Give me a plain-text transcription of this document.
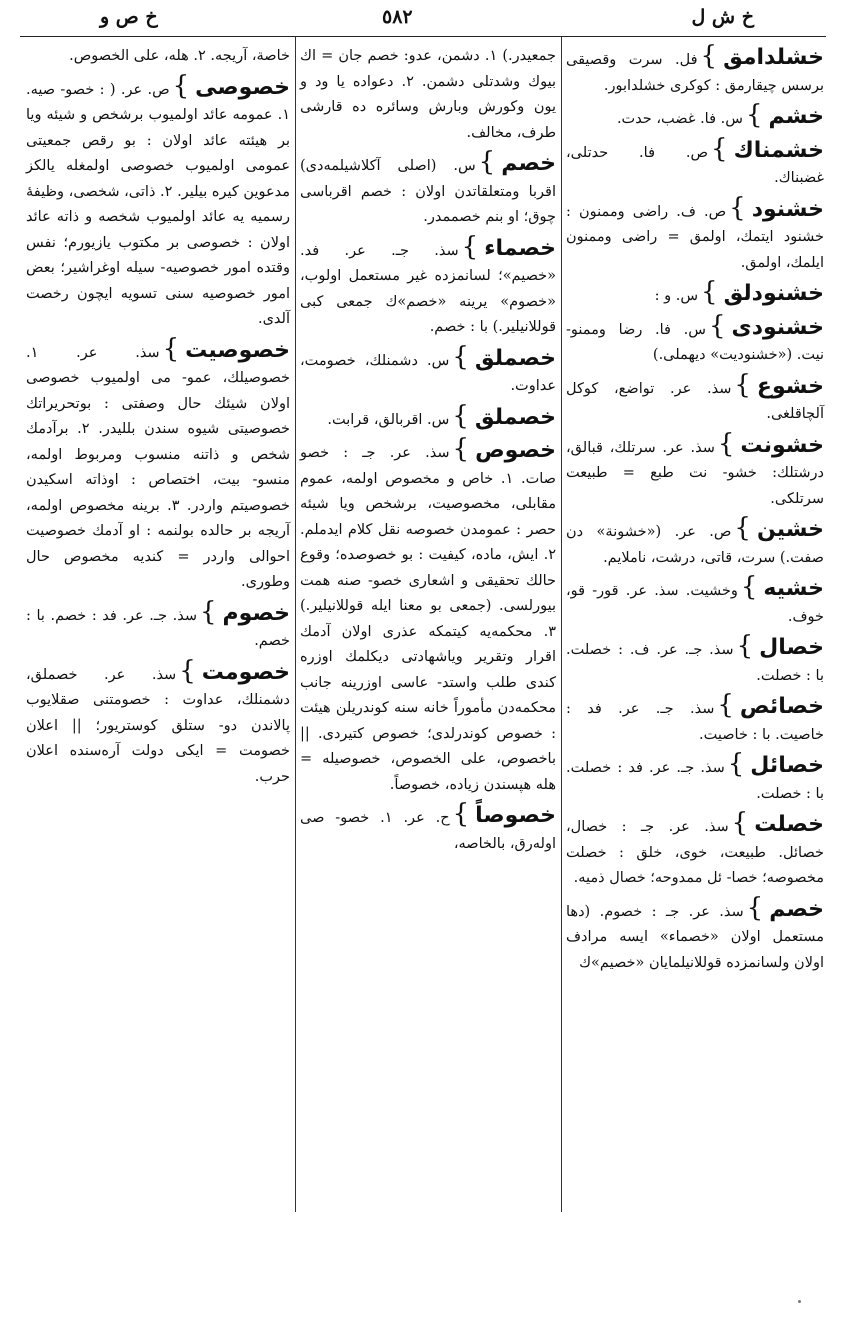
خ ش ل
٥٨٢
خ ص و
خشلدامق}فل. سرت وقصيقى برسس چيقارمق : كوكرى خشلدابور.
خشم}س. فا. غضب، حدت.
خشمناك}ص. فا. حدتلى، غضبناك.
خشنود}ص. ف. راضى وممنون : خشنود ايتمك، اولمق = راضى وممنون ايلمك، اولمق.
خشنودلق}س. و :
خشنودى}س. فا. رضا وممنو- نيت. («خشنوديت» ديهملى.)
خشوع}سذ. عر. تواضع، كوكل آلچاقلغى.
خشونت}سذ. عر. سرتلك، قبالق، درشتلك: خشو- نت طبع = طبيعت سرتلكى.
خشين}ص. عر. («خشونة» دن صفت.) سرت، قاتى، درشت، ناملايم.
خشيه}وخشيت. سذ. عر. قور- قو، خوف.
خصال}سذ. جـ. عر. ف. : خصلت. با : خصلت.
خصائص}سذ. جـ. عر. فد : خاصيت. با : خاصيت.
خصائل}سذ. جـ. عر. فد : خصلت. با : خصلت.
خصلت}سذ. عر. جـ : خصال، خصائل. طبيعت، خوى، خلق : خصلت مخصوصه؛ خصا- ئل ممدوحه؛ خصال ذميه.
خصم}سذ. عر. جـ : خصوم. (دها مستعمل اولان «خصماء» ايسه مرادف اولان ولسانمزده قوللانيلمايان «خصيم»ك
جمعيدر.) ١. دشمن، عدو: خصم جان = اك بيوك وشدتلى دشمن. ٢. دعوادە يا ود و يون وكورش وبارش وسائره ده قارشى طرف، مخالف.
خصم}س. (اصلى آكلاشيلمەدى) اقربا ومتعلقاتدن اولان : خصم اقرباسى چوق؛ او بنم خصممدر.
خصماء}سذ. جـ. عر. فد. «خصيم»؛ لسانمزده غير مستعمل اولوب، «خصوم» يرينه «خصم»ك جمعى كبى قوللانيلير.) با : خصم.
خصملق}س. دشمنلك، خصومت، عداوت.
خصملق}س. اقربالق، قرابت.
خصوص}سذ. عر. جـ : خصو صات. ١. خاص و مخصوص اولمە، عموم مقابلى، مخصوصيت، برشخص ويا شيئه حصر : عمومدن خصوصه نقل كلام ايدملم. ٢. ايش، مادە، كيفيت : بو خصوصده؛ وقوع حالك تحقيقى و اشعارى خصو- صنه همت بيورلسى. (جمعى بو معنا ايله قوللانيلير.) ٣. محكمەيه كيتمكه عذرى اولان آدمك اقرار وتقرير وياشهادتى ديكلمك اوزره كندى طلب واستد- عاسى اوزرينه جانب محكمەدن مأموراً خانه سنه كوندريلن هيئت : خصوص كوندرلدى؛ خصوص كتيردى. || باخصوص، على الخصوص، خصوصيله = هله هپسندن زيادە، خصوصاً.
خصوصاً}ح. عر. ١. خصو- صى اولەرق، بالخاصه،
خاصة، آريجە. ٢. هله، على الخصوص.
خصوصى}ص. عر. ( : خصو- صيه. ١. عمومه عائد اولميوب برشخص و شيئه ويا بر هيئته عائد اولان : بو رقص جمعيتى عمومى اولميوب خصوصى اولمغله يالكز مدعوين كيره بيلير. ٢. ذاتى، شخصى، وظيفهٔ رسميه يه عائد اولميوب شخصه و ذاته عائد اولان : خصوصى بر مكتوب يازيورم؛ نفس وقتده امور خصوصيه- سيله اوغراشير؛ بعض امور خصوصيه سنى تسويه ايچون رخصت آلدى.
خصوصيت}سذ. عر. ١. خصوصيلك، عمو- مى اولميوب خصوصى اولان شيئك حال وصفتى : بوتحريراتك خصوصيتى شيوه سندن بلليدر. ٢. برآدمك شخص و ذاتنه منسوب ومربوط اولمە، منسو- بيت، اختصاص : اوذاته اسكيدن خصوصيتم واردر. ٣. برينه مخصوص اولمە، آريجە بر حالده بولنمە : او آدمك خصوصيت احوالى واردر = كنديه مخصوص حال وطورى.
خصوم}سذ. جـ. عر. فد : خصم. با : خصم.
خصومت}سذ. عر. خصملق، دشمنلك، عداوت : خصومتنى صقلايوب پالاندن دو- ستلق كوستريور؛ || اعلان خصومت = ايكى دولت آرەسنده اعلان حرب.
